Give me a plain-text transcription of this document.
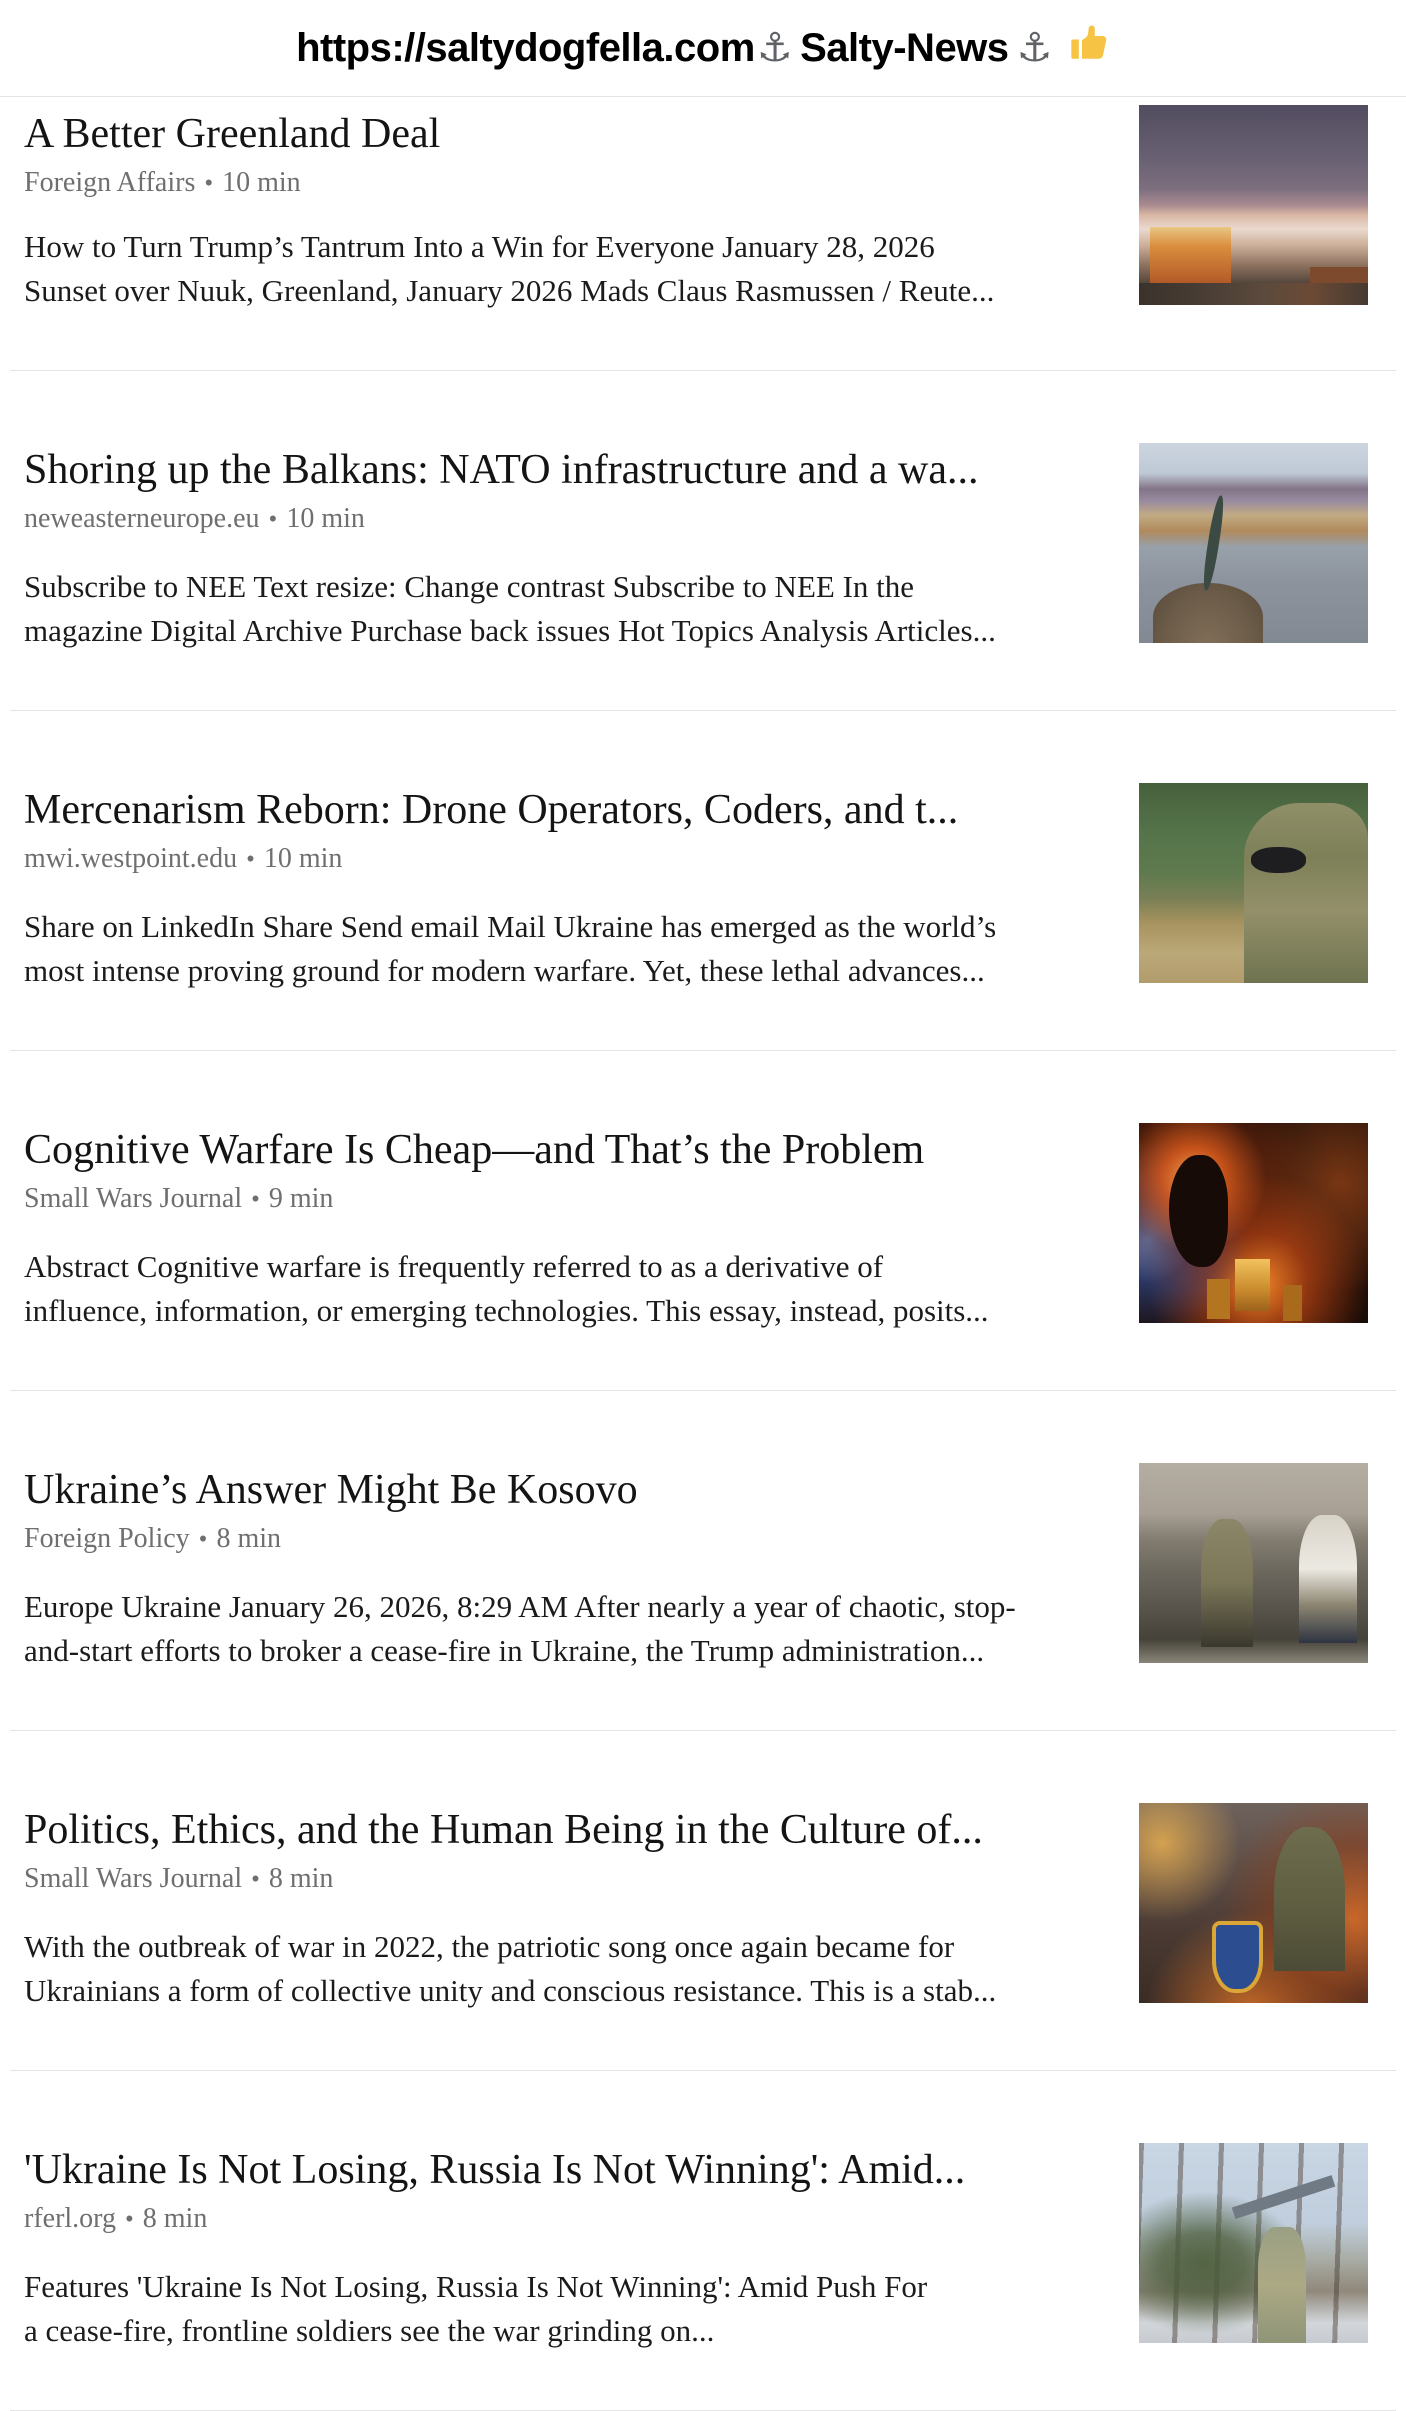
https://saltydogfella.com ⚓ Salty-News ⚓
A Better Greenland Deal
Foreign Affairs • 10 min
How to Turn Trump’s Tantrum Into a Win for Everyone January 28, 2026
Sunset over Nuuk, Greenland, January 2026 Mads Claus Rasmussen / Reute...
Shoring up the Balkans: NATO infrastructure and a wa...
neweasterneurope.eu • 10 min
Subscribe to NEE Text resize: Change contrast Subscribe to NEE In the
magazine Digital Archive Purchase back issues Hot Topics Analysis Articles...
Mercenarism Reborn: Drone Operators, Coders, and t...
mwi.westpoint.edu • 10 min
Share on LinkedIn Share Send email Mail Ukraine has emerged as the world’s
most intense proving ground for modern warfare. Yet, these lethal advances...
Cognitive Warfare Is Cheap—and That’s the Problem
Small Wars Journal • 9 min
Abstract Cognitive warfare is frequently referred to as a derivative of
influence, information, or emerging technologies. This essay, instead, posits...
Ukraine’s Answer Might Be Kosovo
Foreign Policy • 8 min
Europe Ukraine January 26, 2026, 8:29 AM After nearly a year of chaotic, stop-
and-start efforts to broker a cease-fire in Ukraine, the Trump administration...
Politics, Ethics, and the Human Being in the Culture of...
Small Wars Journal • 8 min
With the outbreak of war in 2022, the patriotic song once again became for
Ukrainians a form of collective unity and conscious resistance. This is a stab...
'Ukraine Is Not Losing, Russia Is Not Winning': Amid...
rferl.org • 8 min
Features 'Ukraine Is Not Losing, Russia Is Not Winning': Amid Push For
a cease-fire, frontline soldiers see the war grinding on...
